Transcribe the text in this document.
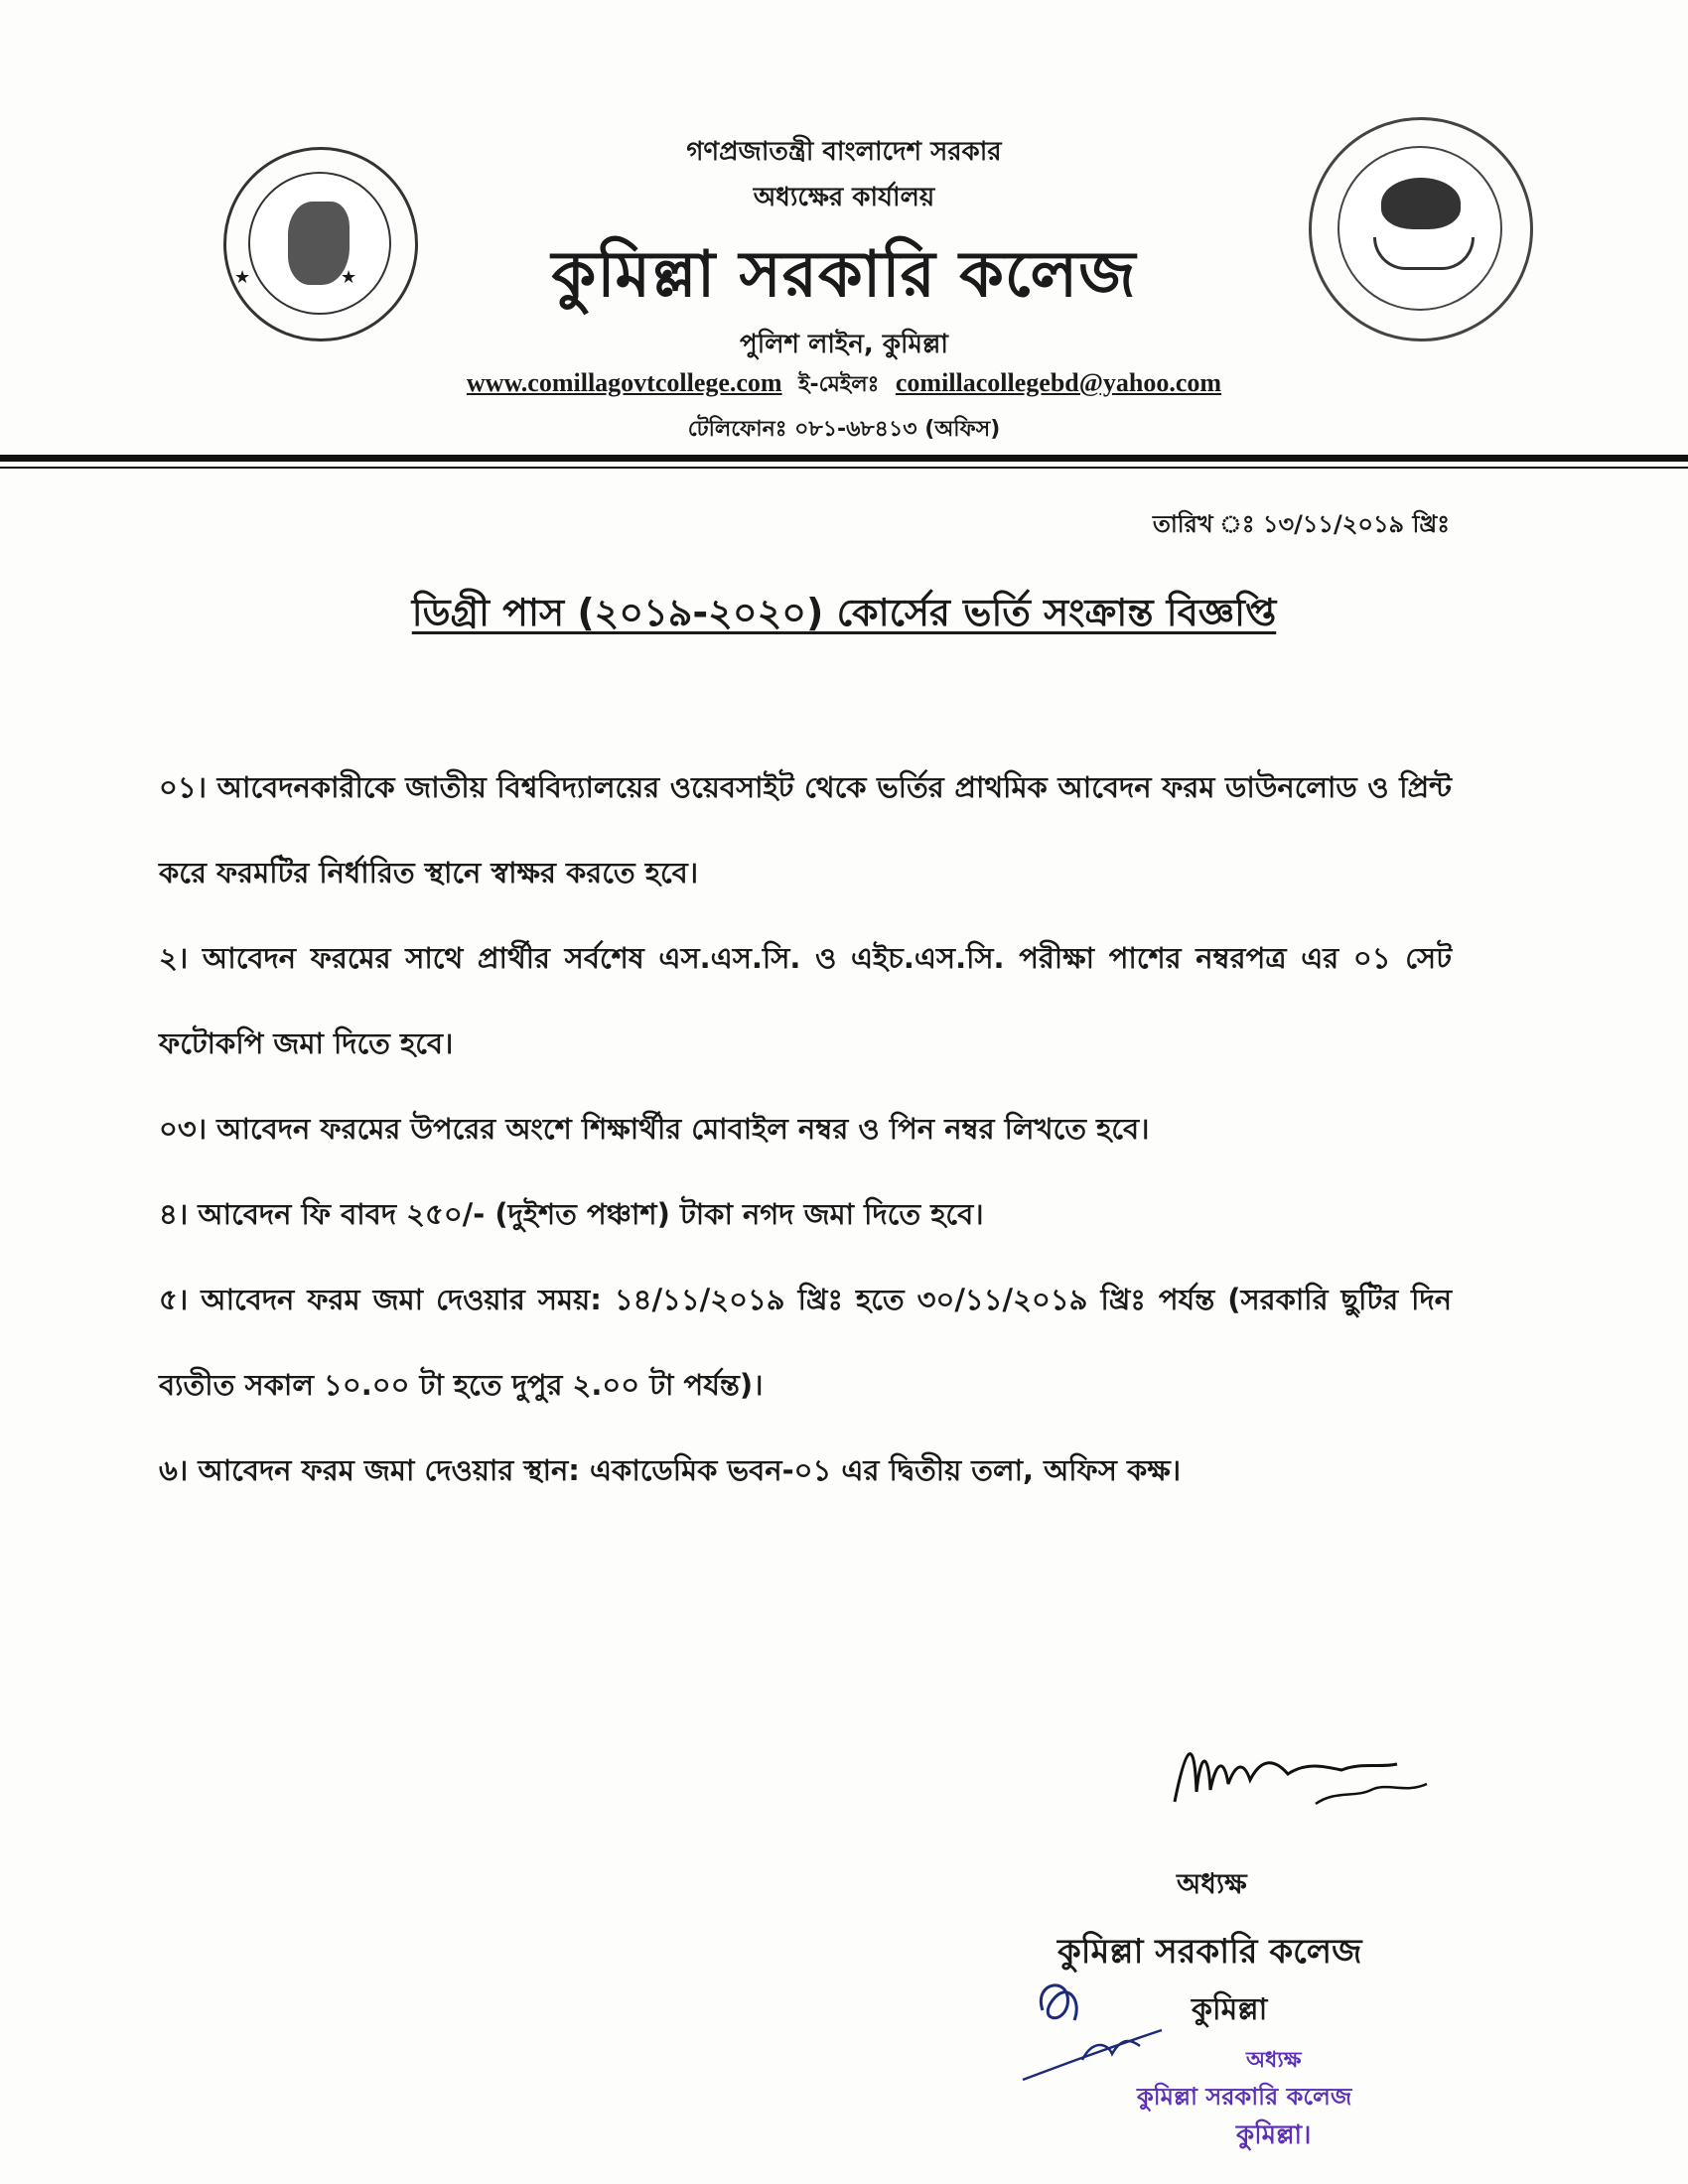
★	★
গণপ্রজাতন্ত্রী বাংলাদেশ সরকার
অধ্যক্ষের কার্যালয়
কুমিল্লা সরকারি কলেজ
পুলিশ লাইন, কুমিল্লা
www.comillagovtcollege.com ই-মেইলঃ comillacollegebd@yahoo.com
টেলিফোনঃ ০৮১-৬৮৪১৩ (অফিস)
তারিখ ঃ ১৩/১১/২০১৯ খ্রিঃ
ডিগ্রী পাস (২০১৯-২০২০) কোর্সের ভর্তি সংক্রান্ত বিজ্ঞপ্তি

০১। আবেদনকারীকে জাতীয় বিশ্ববিদ্যালয়ের ওয়েবসাইট থেকে ভর্তির প্রাথমিক আবেদন ফরম ডাউনলোড ও প্রিন্ট করে ফরমটির নির্ধারিত স্থানে স্বাক্ষর করতে হবে।

২। আবেদন ফরমের সাথে প্রার্থীর সর্বশেষ এস.এস.সি. ও এইচ.এস.সি. পরীক্ষা পাশের নম্বরপত্র এর ০১ সেট ফটোকপি জমা দিতে হবে।

০৩। আবেদন ফরমের উপরের অংশে শিক্ষার্থীর মোবাইল নম্বর ও পিন নম্বর লিখতে হবে।

৪। আবেদন ফি বাবদ ২৫০/- (দুইশত পঞ্চাশ) টাকা নগদ জমা দিতে হবে।

৫। আবেদন ফরম জমা দেওয়ার সময়: ১৪/১১/২০১৯ খ্রিঃ হতে ৩০/১১/২০১৯ খ্রিঃ পর্যন্ত (সরকারি ছুটির দিন ব্যতীত সকাল ১০.০০ টা হতে দুপুর ২.০০ টা পর্যন্ত)।

৬। আবেদন ফরম জমা দেওয়ার স্থান: একাডেমিক ভবন-০১ এর দ্বিতীয় তলা, অফিস কক্ষ।

অধ্যক্ষ
কুমিল্লা সরকারি কলেজ
কুমিল্লা
অধ্যক্ষ
কুমিল্লা সরকারি কলেজ
কুমিল্লা।
